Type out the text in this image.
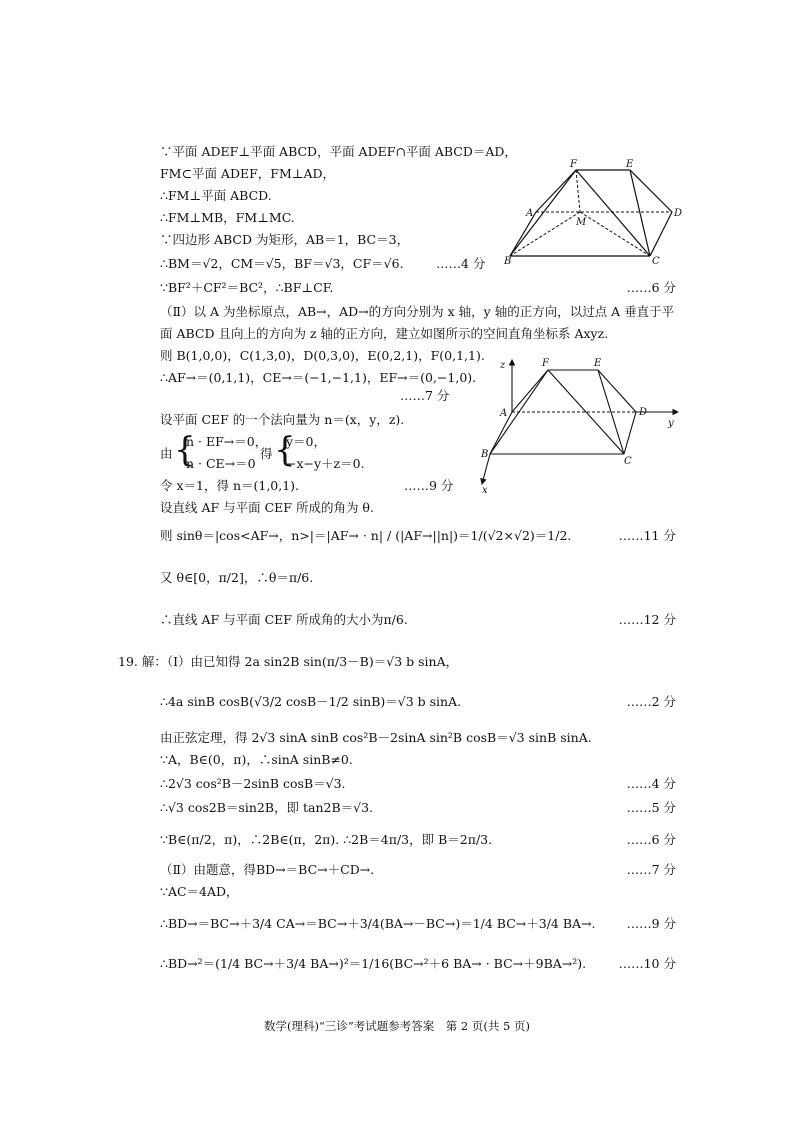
∵平面 ADEF⊥平面 ABCD，平面 ADEF∩平面 ABCD＝AD，
FM⊂平面 ADEF，FM⊥AD，
∴FM⊥平面 ABCD.
∴FM⊥MB，FM⊥MC.
∵四边形 ABCD 为矩形，AB＝1，BC＝3，
∴BM＝√2，CM＝√5，BF＝√3，CF＝√6.	……4 分
∵BF²＋CF²＝BC²，∴BF⊥CF.	……6 分
（Ⅱ）以 A 为坐标原点，AB→，AD→的方向分别为 x 轴，y 轴的正方向，以过点 A 垂直于平
面 ABCD 且向上的方向为 z 轴的正方向，建立如图所示的空间直角坐标系 Axyz.
则 B(1,0,0)，C(1,3,0)，D(0,3,0)，E(0,2,1)，F(0,1,1).
∴AF→＝(0,1,1)，CE→＝(−1,−1,1)，EF→＝(0,−1,0).
……7 分
设平面 CEF 的一个法向量为 n＝(x，y，z).
由 {
n · EF→＝0，
n · CE→＝0
得 {
y＝0，
−x−y＋z＝0.
令 x＝1，得 n＝(1,0,1).	……9 分
设直线 AF 与平面 CEF 所成的角为 θ.
则 sinθ＝|cos<AF→，n>|＝|AF→ · n| / (|AF→||n|)＝1/(√2×√2)＝1/2.	……11 分
又 θ∈[0，π/2]，∴θ＝π/6.
∴直线 AF 与平面 CEF 所成角的大小为π/6.	……12 分
19. 解：（Ⅰ）由已知得 2a sin2B sin(π/3－B)＝√3 b sinA，
∴4a sinB cosB(√3/2 cosB－1/2 sinB)＝√3 b sinA.	……2 分
由正弦定理，得 2√3 sinA sinB cos²B－2sinA sin²B cosB＝√3 sinB sinA.
∵A，B∈(0，π)，∴sinA sinB≠0.
∴2√3 cos²B－2sinB cosB＝√3.	……4 分
∴√3 cos2B＝sin2B，即 tan2B＝√3.	……5 分
∵B∈(π/2，π)，∴2B∈(π，2π). ∴2B＝4π/3，即 B＝2π/3.	……6 分
（Ⅱ）由题意，得BD→＝BC→＋CD→.	……7 分
∵AC＝4AD，
∴BD→＝BC→＋3/4 CA→＝BC→＋3/4(BA→－BC→)＝1/4 BC→＋3/4 BA→. ……9 分
∴BD→²＝(1/4 BC→＋3/4 BA→)²＝1/16(BC→²＋6 BA→ · BC→＋9BA→²).	……10 分
A
B	C
D
E
F
M
A
B
C
D
E
F
x
y
z
数学(理科)“三诊”考试题参考答案　第 2 页(共 5 页)
